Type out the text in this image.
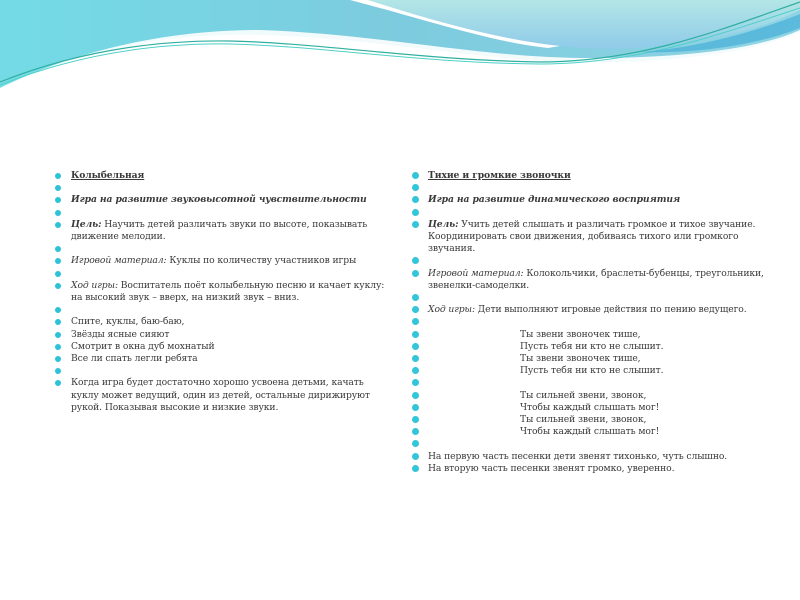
Колыбельная
Игра на развитие звуковысотной чувствительности
Цель: Научить детей различать звуки по высоте, показывать движение мелодии.
Игровой материал: Куклы по количеству участников игры
Ход игры: Воспитатель поёт колыбельную песню и качает куклу: на высокий звук – вверх, на низкий звук – вниз.
Спите, куклы, баю-баю,
Звёзды ясные сияют
Смотрит в окна дуб мохнатый
Все ли спать легли ребята
Когда игра будет достаточно хорошо усвоена детьми, качать куклу может ведущий, один из детей, остальные дирижируют рукой. Показывая высокие и низкие звуки.
Тихие и громкие звоночки
Игра на развитие динамического восприятия
Цель: Учить детей слышать и различать громкое и тихое звучание. Координировать свои движения, добиваясь тихого или громкого звучания.
Игровой материал: Колокольчики, браслеты-бубенцы, треугольники, звенелки-самоделки.
Ход игры: Дети выполняют игровые действия по пению ведущего.
Ты звени звоночек тише,
Пусть тебя ни кто не слышит.
Ты звени звоночек тише,
Пусть тебя ни кто не слышит.
Ты сильней звени, звонок,
Чтобы каждый слышать мог!
Ты сильней звени, звонок,
Чтобы каждый слышать мог!
На первую часть песенки дети звенят тихонько, чуть слышно.
На вторую часть песенки звенят громко, уверенно.
